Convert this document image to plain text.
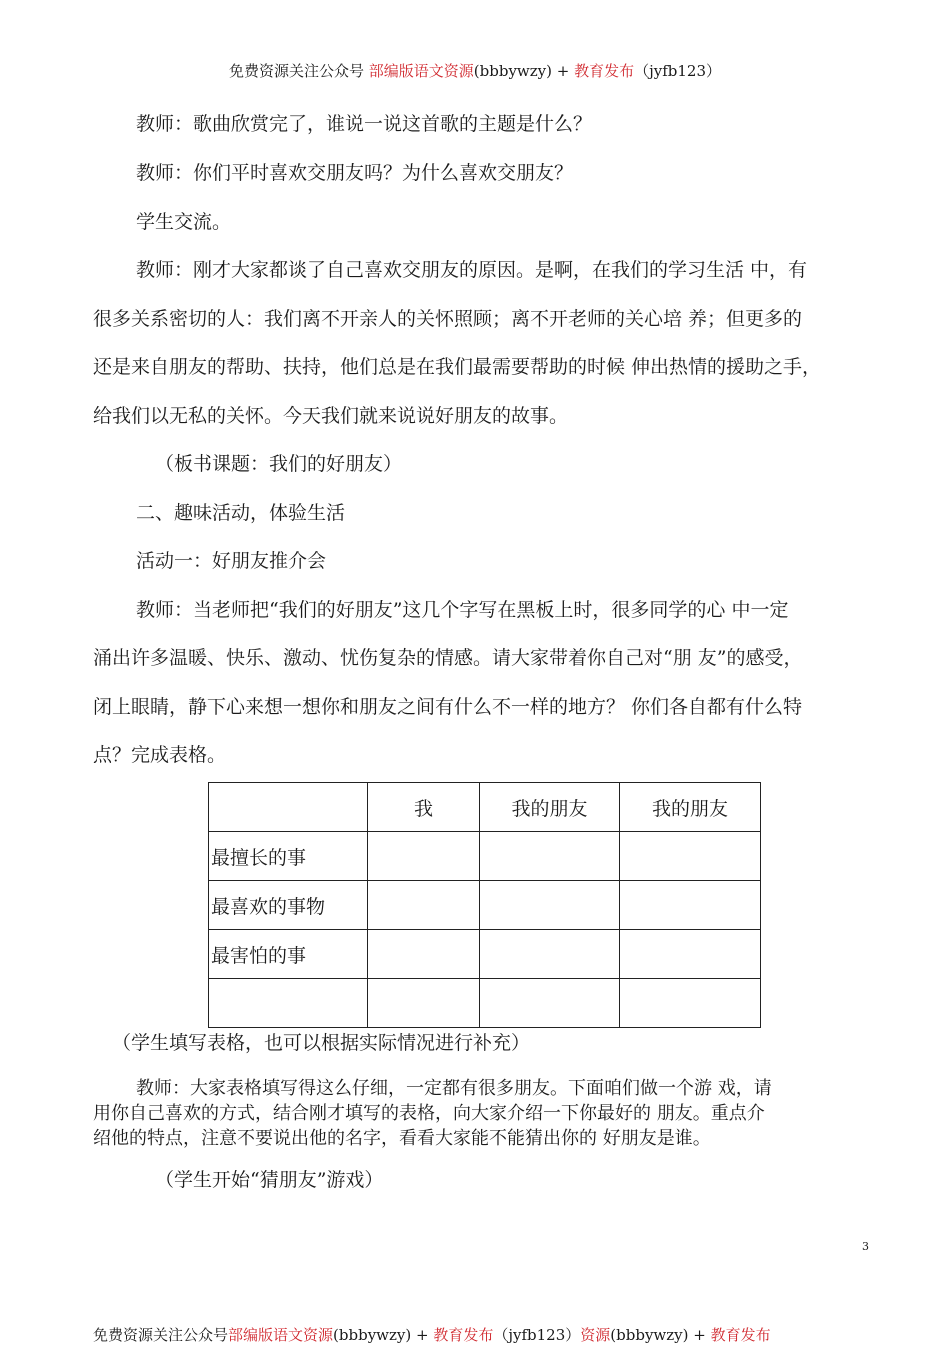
免费资源关注公众号 部编版语文资源(bbbywzy) + 教育发布（jyfb123）
教师：歌曲欣赏完了，谁说一说这首歌的主题是什么？
教师：你们平时喜欢交朋友吗？为什么喜欢交朋友？
学生交流。
教师：刚才大家都谈了自己喜欢交朋友的原因。是啊，在我们的学习生活 中，有
很多关系密切的人：我们离不开亲人的关怀照顾；离不开老师的关心培 养；但更多的
还是来自朋友的帮助、扶持，他们总是在我们最需要帮助的时候 伸出热情的援助之手，
给我们以无私的关怀。今天我们就来说说好朋友的故事。
（板书课题：我们的好朋友）
二、趣味活动，体验生活
活动一：好朋友推介会
教师：当老师把“我们的好朋友”这几个字写在黑板上时，很多同学的心 中一定
涌出许多温暖、快乐、激动、忧伤复杂的情感。请大家带着你自己对“朋 友”的感受，
闭上眼睛，静下心来想一想你和朋友之间有什么不一样的地方？ 你们各自都有什么特
点？完成表格。
	我	我的朋友	我的朋友
最擅长的事			
最喜欢的事物			
最害怕的事			

（学生填写表格，也可以根据实际情况进行补充）
教师：大家表格填写得这么仔细，一定都有很多朋友。下面咱们做一个游 戏，请
用你自己喜欢的方式，结合刚才填写的表格，向大家介绍一下你最好的 朋友。重点介
绍他的特点，注意不要说出他的名字，看看大家能不能猜出你的 好朋友是谁。
（学生开始“猜朋友”游戏）
3
免费资源关注公众号部编版语文资源(bbbywzy) + 教育发布（jyfb123）资源(bbbywzy) + 教育发布
